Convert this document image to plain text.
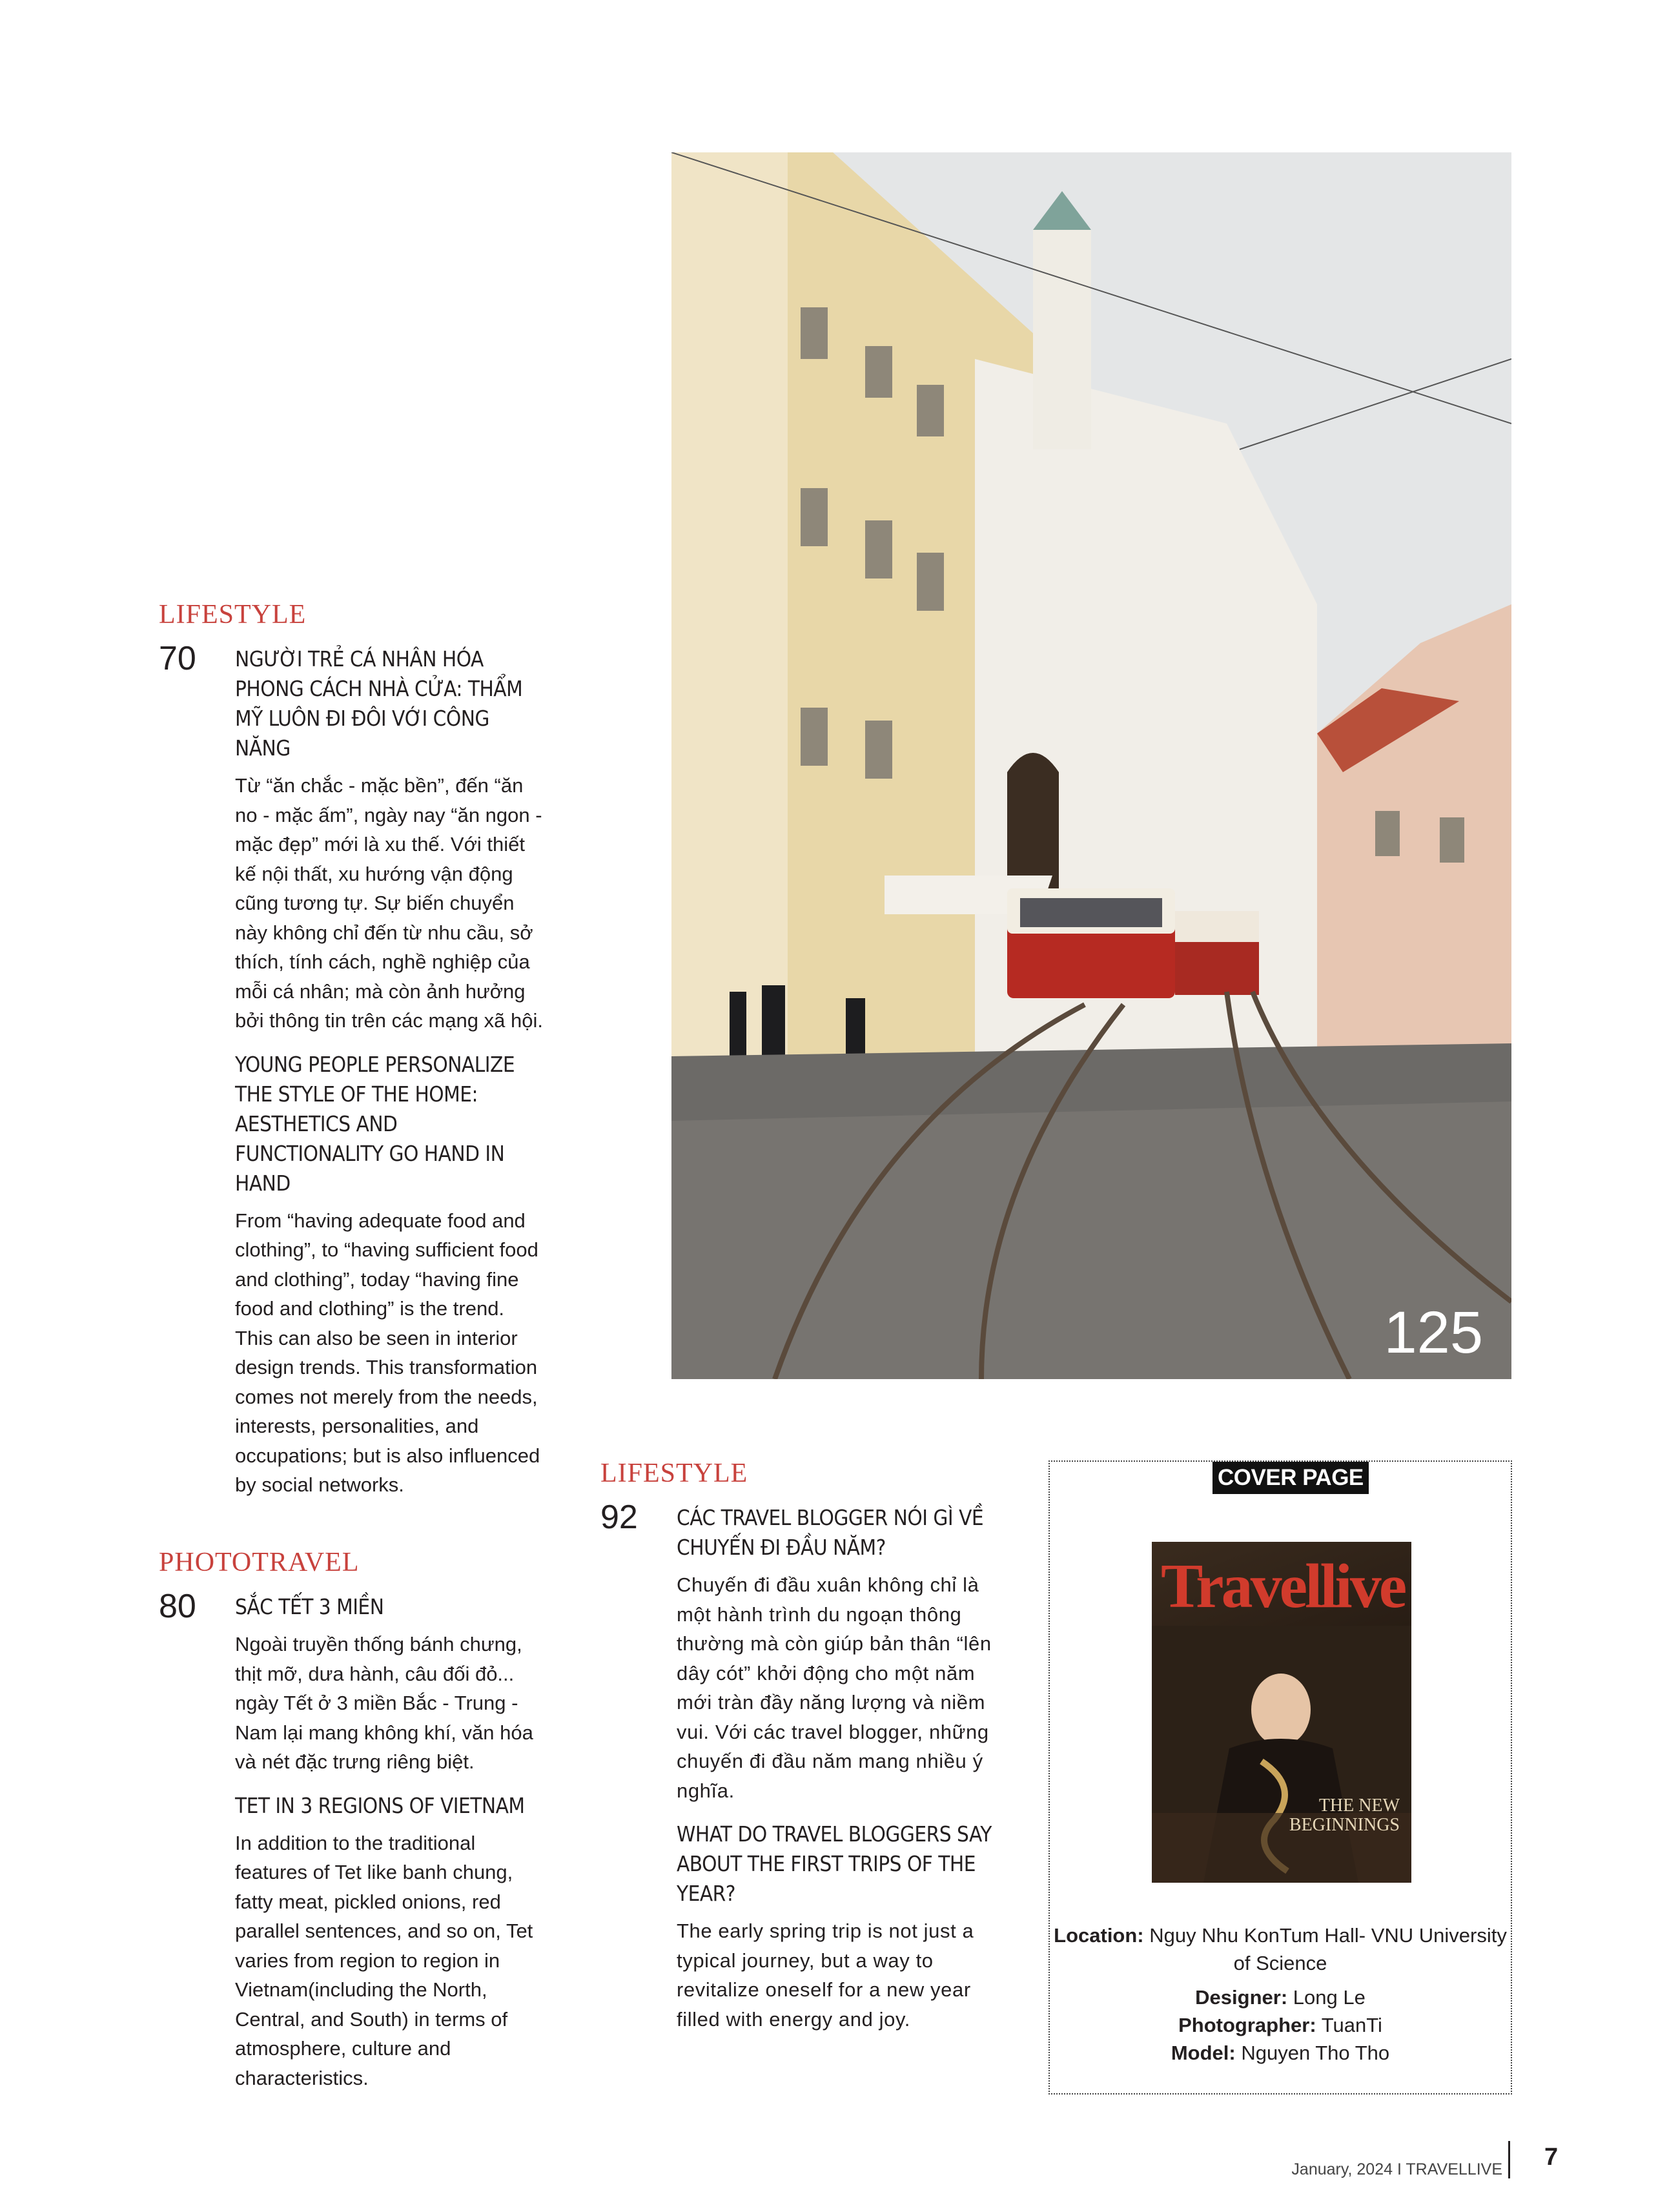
LIFESTYLE

70 NGƯỜI TRẺ CÁ NHÂN HÓA PHONG CÁCH NHÀ CỬA: THẨM MỸ LUÔN ĐI ĐÔI VỚI CÔNG NĂNG

Từ “ăn chắc - mặc bền”, đến “ăn no - mặc ấm”, ngày nay “ăn ngon - mặc đẹp” mới là xu thế. Với thiết kế nội thất, xu hướng vận động cũng tương tự. Sự biến chuyển này không chỉ đến từ nhu cầu, sở thích, tính cách, nghề nghiệp của mỗi cá nhân; mà còn ảnh hưởng bởi thông tin trên các mạng xã hội.

YOUNG PEOPLE PERSONALIZE THE STYLE OF THE HOME: AESTHETICS AND FUNCTIONALITY GO HAND IN HAND

From “having adequate food and clothing”, to “having sufficient food and clothing”, today “having fine food and clothing” is the trend. This can also be seen in interior design trends. This transformation comes not merely from the needs, interests, personalities, and occupations; but is also influenced by social networks.

PHOTOTRAVEL

80 SẮC TẾT 3 MIỀN

Ngoài truyền thống bánh chưng, thịt mỡ, dưa hành, câu đối đỏ... ngày Tết ở 3 miền Bắc - Trung - Nam lại mang không khí, văn hóa và nét đặc trưng riêng biệt.

TET IN 3 REGIONS OF VIETNAM

In addition to the traditional features of Tet like banh chung, fatty meat, pickled onions, red parallel sentences, and so on, Tet varies from region to region in Vietnam(including the North, Central, and South) in terms of atmosphere, culture and characteristics.

125

LIFESTYLE

92 CÁC TRAVEL BLOGGER NÓI GÌ VỀ CHUYẾN ĐI ĐẦU NĂM?

Chuyến đi đầu xuân không chỉ là một hành trình du ngoạn thông thường mà còn giúp bản thân “lên dây cót” khởi động cho một năm mới tràn đầy năng lượng và niềm vui. Với các travel blogger, những chuyến đi đầu năm mang nhiều ý nghĩa.

WHAT DO TRAVEL BLOGGERS SAY ABOUT THE FIRST TRIPS OF THE YEAR?

The early spring trip is not just a typical journey, but a way to revitalize oneself for a new year filled with energy and joy.

COVER PAGE
Travellive
THE NEW BEGINNINGS

Location: Nguy Nhu KonTum Hall- VNU University of Science

Designer: Long Le

Photographer: TuanTi

Model: Nguyen Tho Tho

January, 2024 I TRAVELLIVE 7
